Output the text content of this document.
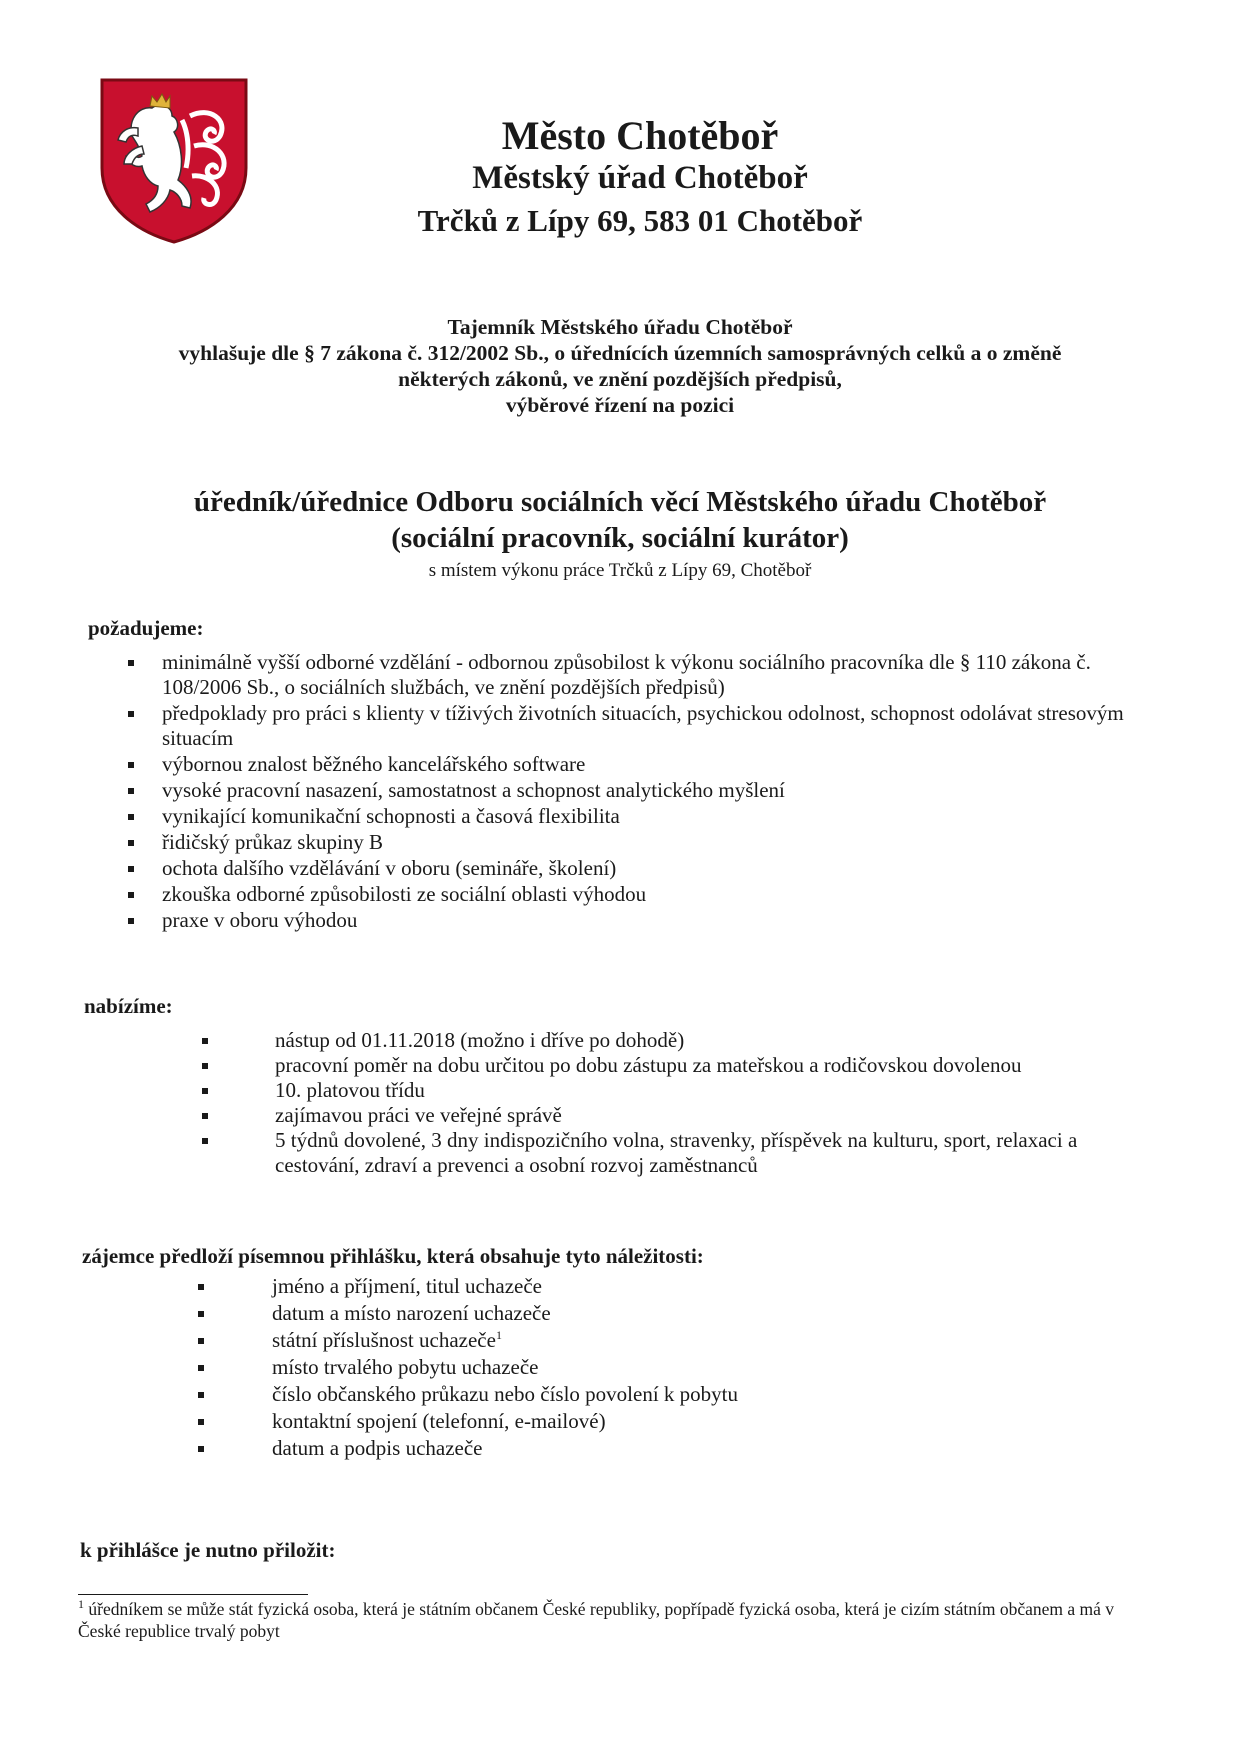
Město Chotěboř
Městský úřad Chotěboř
Trčků z Lípy 69, 583 01 Chotěboř
Tajemník Městského úřadu Chotěboř
vyhlašuje dle § 7 zákona č. 312/2002 Sb., o úřednících územních samosprávných celků a o změně
některých zákonů, ve znění pozdějších předpisů,
výběrové řízení na pozici
úředník/úřednice Odboru sociálních věcí Městského úřadu Chotěboř
(sociální pracovník, sociální kurátor)
s místem výkonu práce Trčků z Lípy 69, Chotěboř
požadujeme:
minimálně vyšší odborné vzdělání - odbornou způsobilost k výkonu sociálního pracovníka dle § 110 zákona č. 108/2006 Sb., o sociálních službách, ve znění pozdějších předpisů)
předpoklady pro práci s klienty v tíživých životních situacích, psychickou odolnost, schopnost odolávat stresovým situacím
výbornou znalost běžného kancelářského software
vysoké pracovní nasazení, samostatnost a schopnost analytického myšlení
vynikající komunikační schopnosti a časová flexibilita
řidičský průkaz skupiny B
ochota dalšího vzdělávání v oboru (semináře, školení)
zkouška odborné způsobilosti ze sociální oblasti výhodou
praxe v oboru výhodou
nabízíme:
nástup od 01.11.2018 (možno i dříve po dohodě)
pracovní poměr na dobu určitou po dobu zástupu za mateřskou a rodičovskou dovolenou
10. platovou třídu
zajímavou práci ve veřejné správě
5 týdnů dovolené, 3 dny indispozičního volna, stravenky, příspěvek na kulturu, sport, relaxaci a cestování, zdraví a prevenci a osobní rozvoj zaměstnanců
zájemce předloží písemnou přihlášku, která obsahuje tyto náležitosti:
jméno a příjmení, titul uchazeče
datum a místo narození uchazeče
státní příslušnost uchazeče$^1$
místo trvalého pobytu uchazeče
číslo občanského průkazu nebo číslo povolení k pobytu
kontaktní spojení (telefonní, e-mailové)
datum a podpis uchazeče
k přihlášce je nutno přiložit:
$^1$ úředníkem se může stát fyzická osoba, která je státním občanem České republiky, popřípadě fyzická osoba, která je cizím státním občanem a má v České republice trvalý pobyt
